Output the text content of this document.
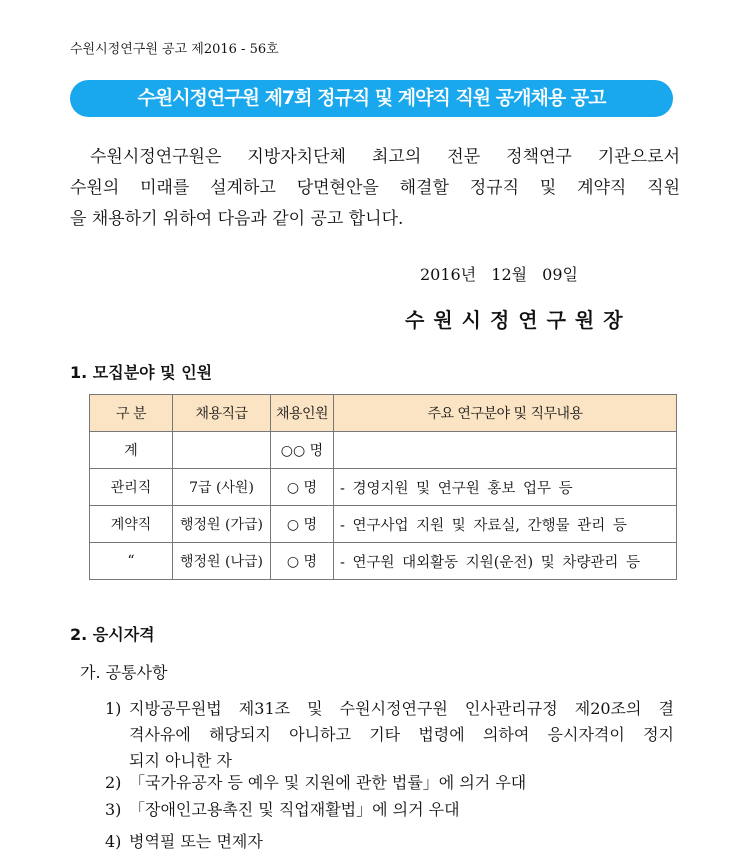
수원시정연구원 공고 제2016 - 56호
수원시정연구원 제7회 정규직 및 계약직 직원 공개채용 공고
수원시정연구원은 지방자치단체 최고의 전문 정책연구 기관으로서
수원의 미래를 설계하고 당면현안을 해결할 정규직 및 계약직 직원
을 채용하기 위하여 다음과 같이 공고 합니다.
2016년 12월 09일
수원시정연구원장
1. 모집분야 및 인원
구 분	채용직급	채용인원	주요 연구분야 및 직무내용
계		○○ 명	
관리직	7급 (사원)	○ 명	- 경영지원 및 연구원 홍보 업무 등
계약직	행정원 (가급)	○ 명	- 연구사업 지원 및 자료실, 간행물 관리 등
“	행정원 (나급)	○ 명	- 연구원 대외활동 지원(운전) 및 차량관리 등
2. 응시자격
가. 공통사항
1) 지방공무원법 제31조 및 수원시정연구원 인사관리규정 제20조의 결
격사유에 해당되지 아니하고 기타 법령에 의하여 응시자격이 정지
되지 아니한 자
2) 「국가유공자 등 예우 및 지원에 관한 법률」에 의거 우대
3) 「장애인고용촉진 및 직업재활법」에 의거 우대
4) 병역필 또는 면제자
